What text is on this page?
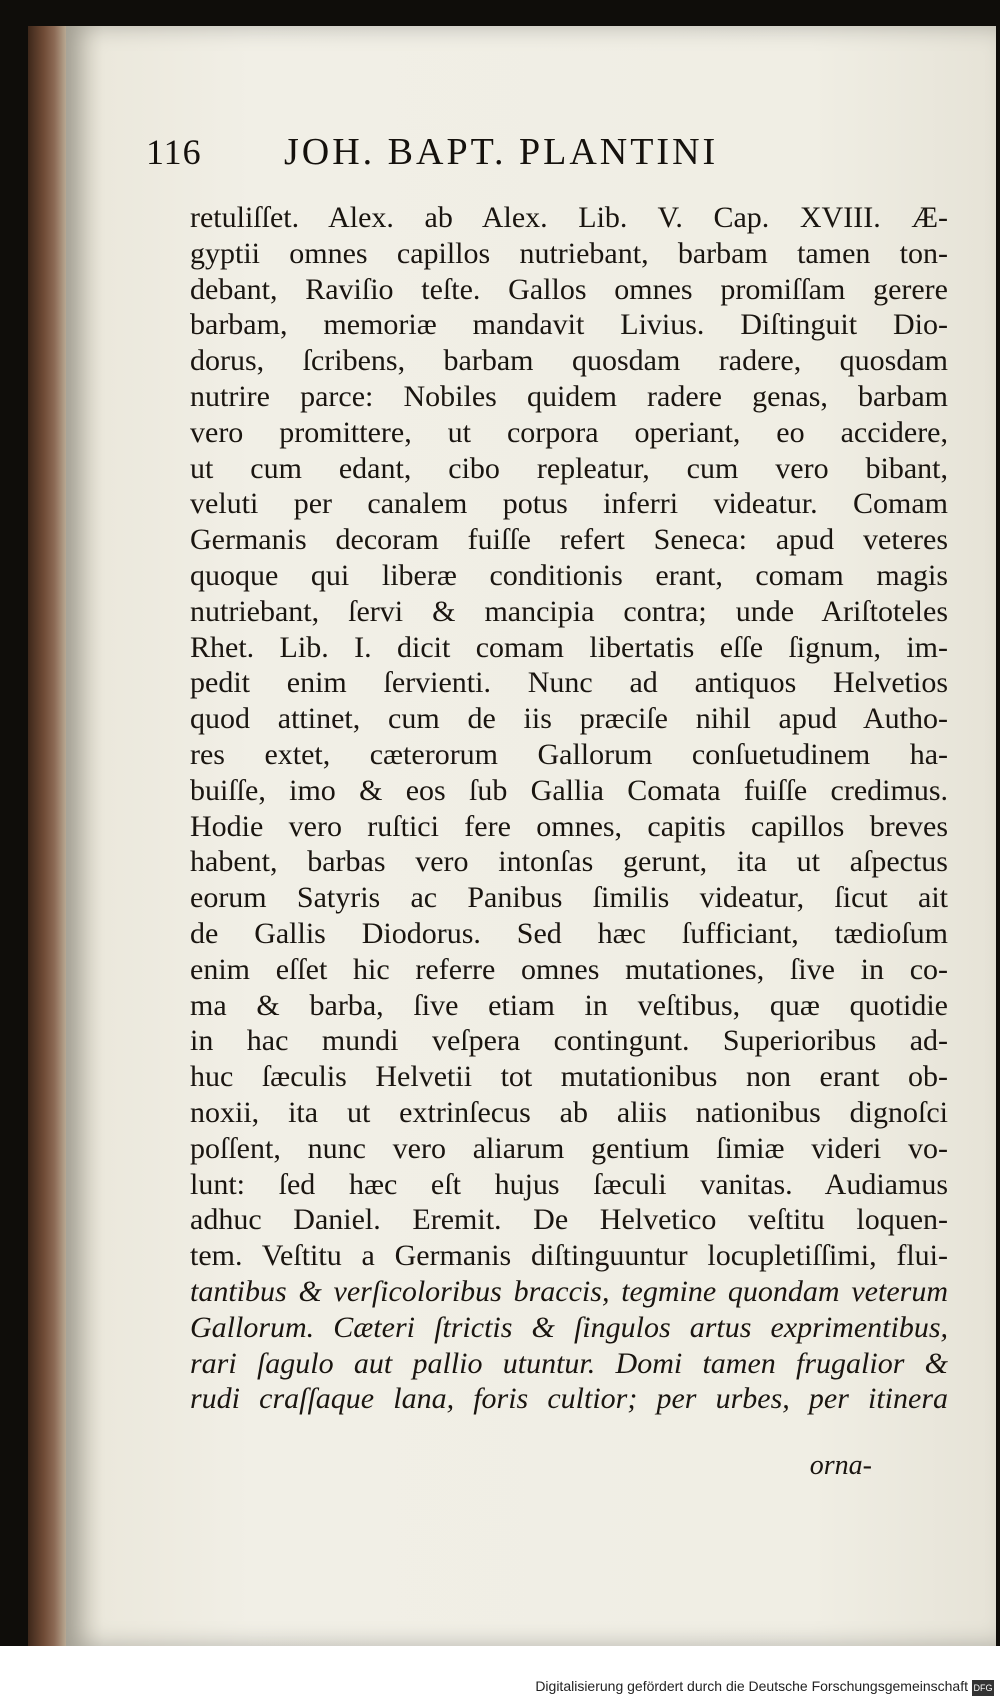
116	JOH. BAPT. PLANTINI
retuliſſet. Alex. ab Alex. Lib. V. Cap. XVIII. Æ-
gyptii omnes capillos nutriebant, barbam tamen ton-
debant, Raviſio teſte. Gallos omnes promiſſam gerere
barbam, memoriæ mandavit Livius. Diſtinguit Dio-
dorus, ſcribens, barbam quosdam radere, quosdam
nutrire parce: Nobiles quidem radere genas, barbam
vero promittere, ut corpora operiant, eo accidere,
ut cum edant, cibo repleatur, cum vero bibant,
veluti per canalem potus inferri videatur. Comam
Germanis decoram fuiſſe refert Seneca: apud veteres
quoque qui liberæ conditionis erant, comam magis
nutriebant, ſervi & mancipia contra; unde Ariſtoteles
Rhet. Lib. I. dicit comam libertatis eſſe ſignum, im-
pedit enim ſervienti. Nunc ad antiquos Helvetios
quod attinet, cum de iis præciſe nihil apud Autho-
res extet, cæterorum Gallorum conſuetudinem ha-
buiſſe, imo & eos ſub Gallia Comata fuiſſe credimus.
Hodie vero ruſtici fere omnes, capitis capillos breves
habent, barbas vero intonſas gerunt, ita ut aſpectus
eorum Satyris ac Panibus ſimilis videatur, ſicut ait
de Gallis Diodorus. Sed hæc ſufficiant, tædioſum
enim eſſet hic referre omnes mutationes, ſive in co-
ma & barba, ſive etiam in veſtibus, quæ quotidie
in hac mundi veſpera contingunt. Superioribus ad-
huc ſæculis Helvetii tot mutationibus non erant ob-
noxii, ita ut extrinſecus ab aliis nationibus dignoſci
poſſent, nunc vero aliarum gentium ſimiæ videri vo-
lunt: ſed hæc eſt hujus ſæculi vanitas. Audiamus
adhuc Daniel. Eremit. De Helvetico veſtitu loquen-
tem. Veſtitu a Germanis diſtinguuntur locupletiſſimi, flui-
tantibus & verſicoloribus braccis, tegmine quondam veterum
Gallorum. Cæteri ſtrictis & ſingulos artus exprimentibus,
rari ſagulo aut pallio utuntur. Domi tamen frugalior &
rudi craſſaque lana, foris cultior; per urbes, per itinera
orna-
Digitalisierung gefördert durch die Deutsche Forschungsgemeinschaft DFG
